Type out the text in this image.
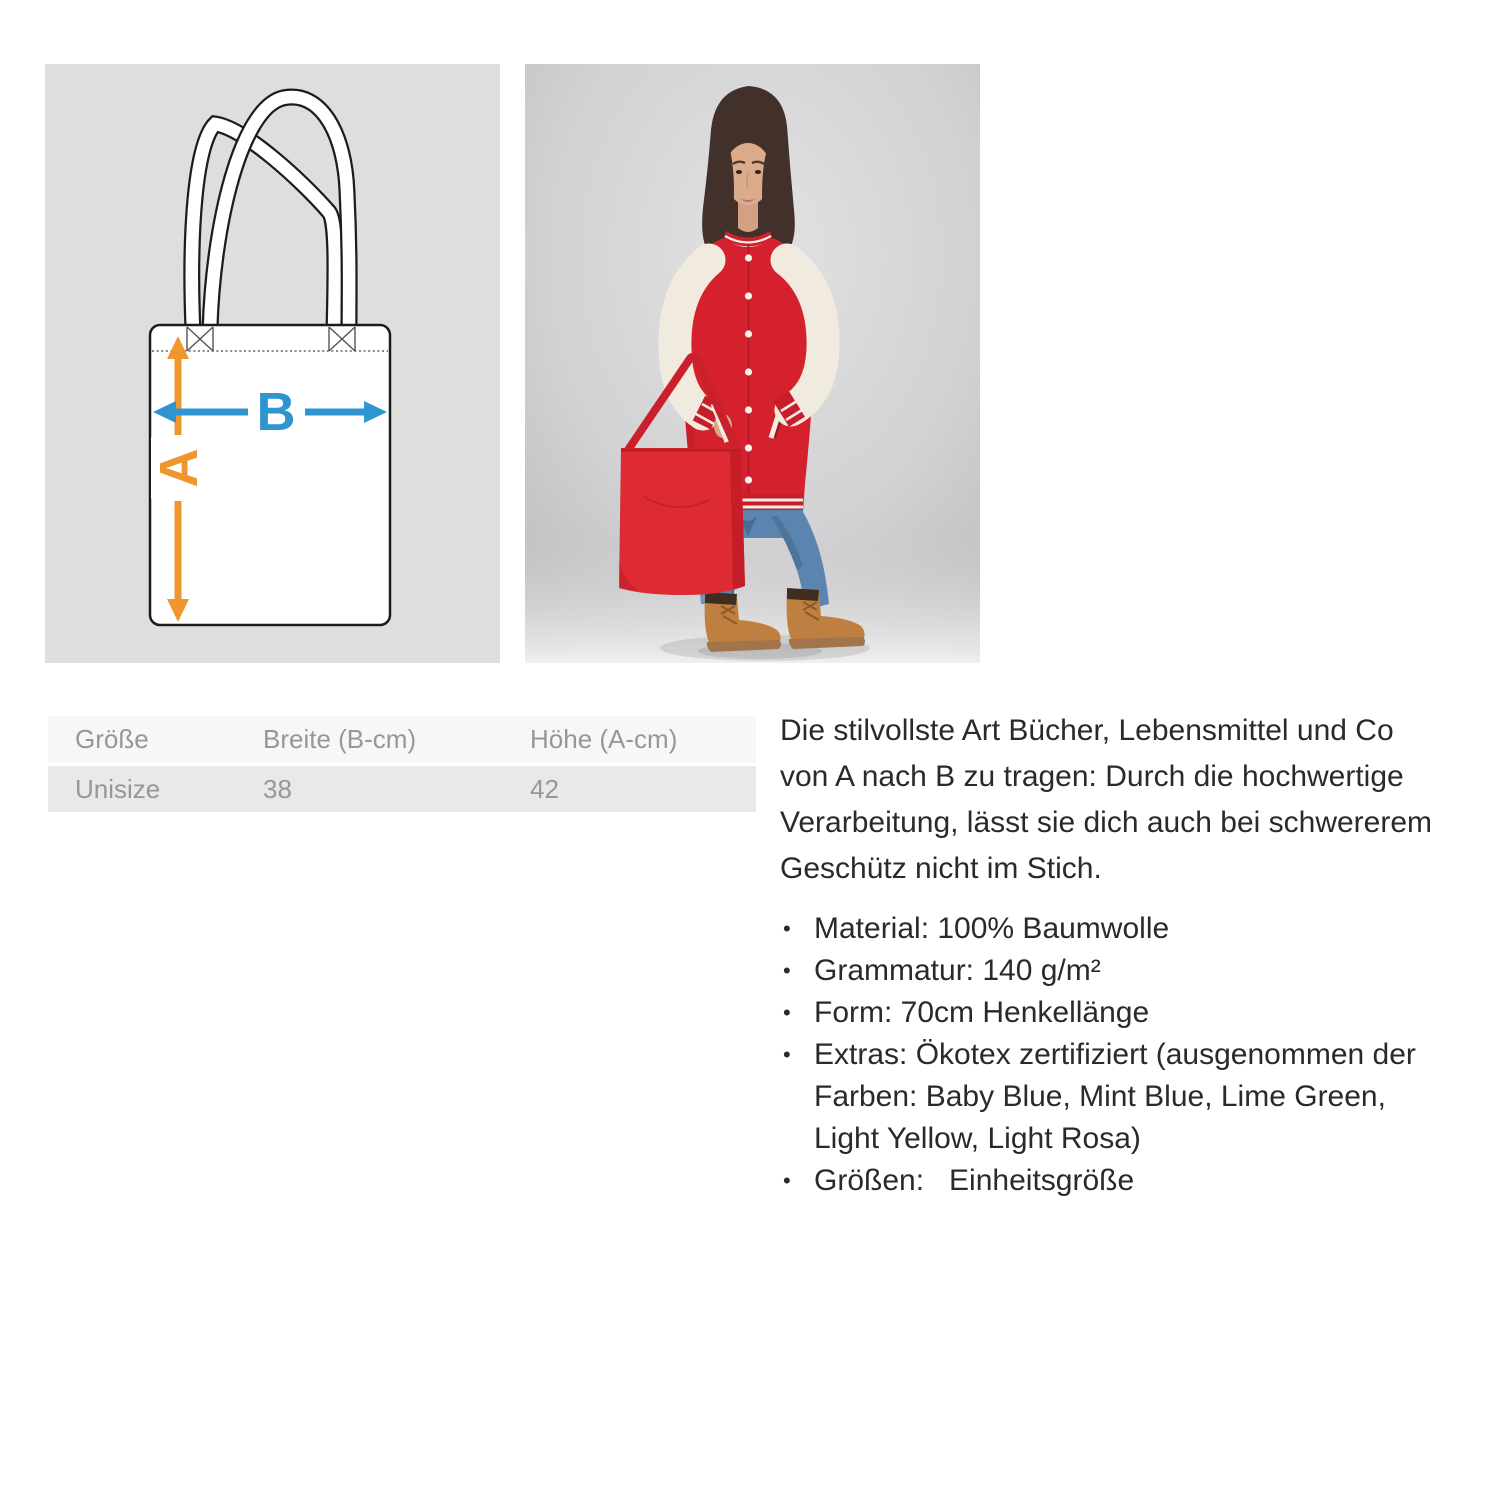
A
B
Größe	Breite (B-cm)	Höhe (A-cm)
Unisize	38	42

Die stilvollste Art Bücher, Lebensmittel und Co von A nach B zu tragen: Durch die hochwertige Verarbeitung, lässt sie dich auch bei schwererem Geschütz nicht im Stich.

• Material: 100% Baumwolle
• Grammatur: 140 g/m²
• Form: 70cm Henkellänge
• Extras: Ökotex zertifiziert (ausgenommen der Farben: Baby Blue, Mint Blue, Lime Green, Light Yellow, Light Rosa)
• Größen:   Einheitsgröße
